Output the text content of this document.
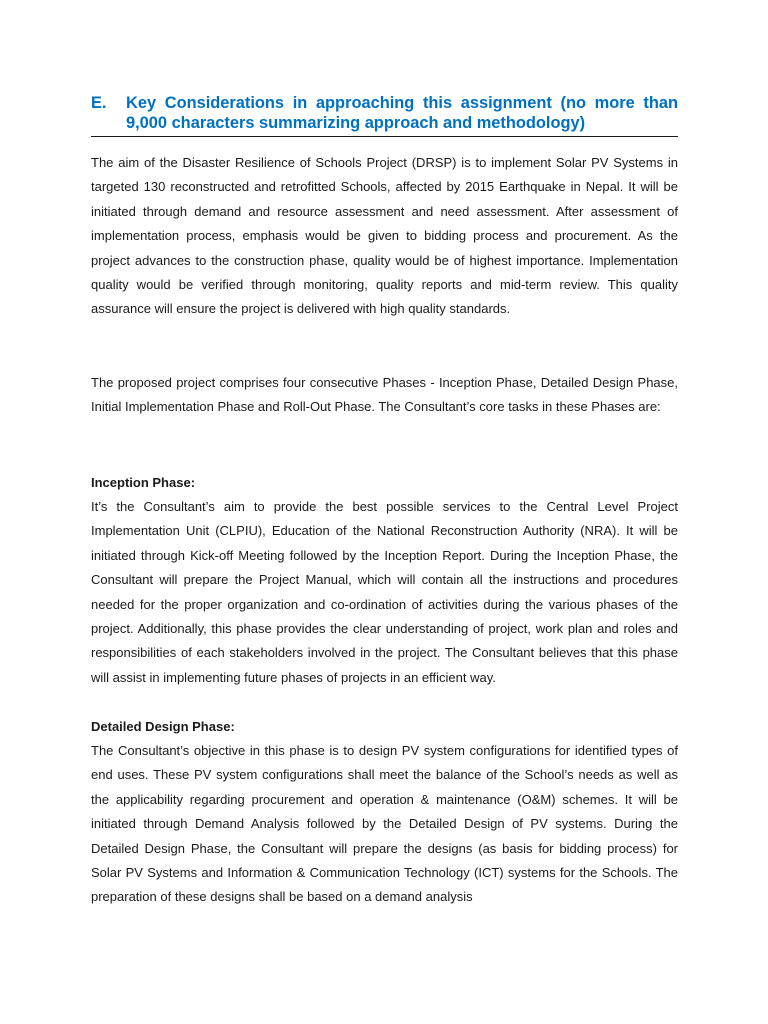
E. Key Considerations in approaching this assignment (no more than 9,000 characters summarizing approach and methodology)

The aim of the Disaster Resilience of Schools Project (DRSP) is to implement Solar PV Systems in targeted 130 reconstructed and retrofitted Schools, affected by 2015 Earthquake in Nepal. It will be initiated through demand and resource assessment and need assessment. After assessment of implementation process, emphasis would be given to bidding process and procurement. As the project advances to the construction phase, quality would be of highest importance. Implementation quality would be verified through monitoring, quality reports and mid-term review. This quality assurance will ensure the project is delivered with high quality standards.

The proposed project comprises four consecutive Phases - Inception Phase, Detailed Design Phase, Initial Implementation Phase and Roll-Out Phase. The Consultant’s core tasks in these Phases are:

Inception Phase:

It’s the Consultant’s aim to provide the best possible services to the Central Level Project Implementation Unit (CLPIU), Education of the National Reconstruction Authority (NRA). It will be initiated through Kick-off Meeting followed by the Inception Report. During the Inception Phase, the Consultant will prepare the Project Manual, which will contain all the instructions and procedures needed for the proper organization and co-ordination of activities during the various phases of the project. Additionally, this phase provides the clear understanding of project, work plan and roles and responsibilities of each stakeholders involved in the project. The Consultant believes that this phase will assist in implementing future phases of projects in an efficient way.

Detailed Design Phase:

The Consultant’s objective in this phase is to design PV system configurations for identified types of end uses. These PV system configurations shall meet the balance of the School’s needs as well as the applicability regarding procurement and operation & maintenance (O&M) schemes. It will be initiated through Demand Analysis followed by the Detailed Design of PV systems. During the Detailed Design Phase, the Consultant will prepare the designs (as basis for bidding process) for Solar PV Systems and Information & Communication Technology (ICT) systems for the Schools. The preparation of these designs shall be based on a demand analysis
